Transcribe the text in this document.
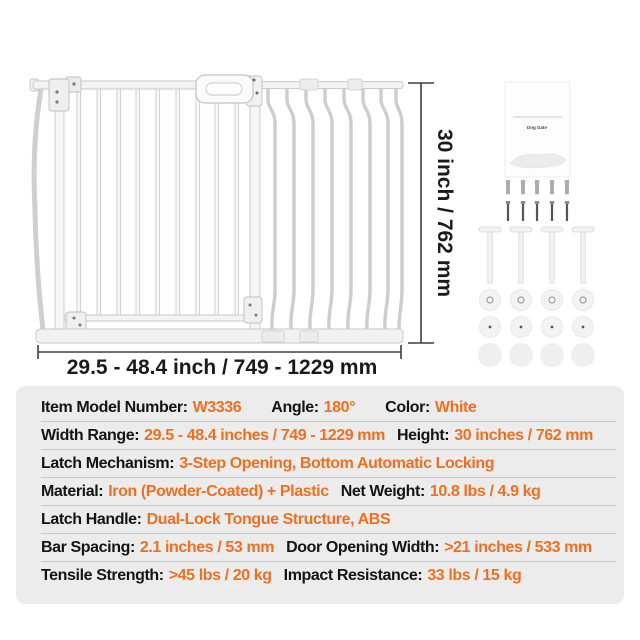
29.5 - 48.4 inch / 749 - 1229 mm
30 inch / 762 mm
Dog Gate
Item Model Number: W3336 Angle: 180° Color: White
Width Range: 29.5 - 48.4 inches / 749 - 1229 mm Height: 30 inches / 762 mm
Latch Mechanism: 3-Step Opening, Bottom Automatic Locking
Material: Iron (Powder-Coated) + Plastic Net Weight: 10.8 lbs / 4.9 kg
Latch Handle: Dual-Lock Tongue Structure, ABS
Bar Spacing: 2.1 inches / 53 mm Door Opening Width: >21 inches / 533 mm
Tensile Strength: >45 lbs / 20 kg Impact Resistance: 33 lbs / 15 kg
